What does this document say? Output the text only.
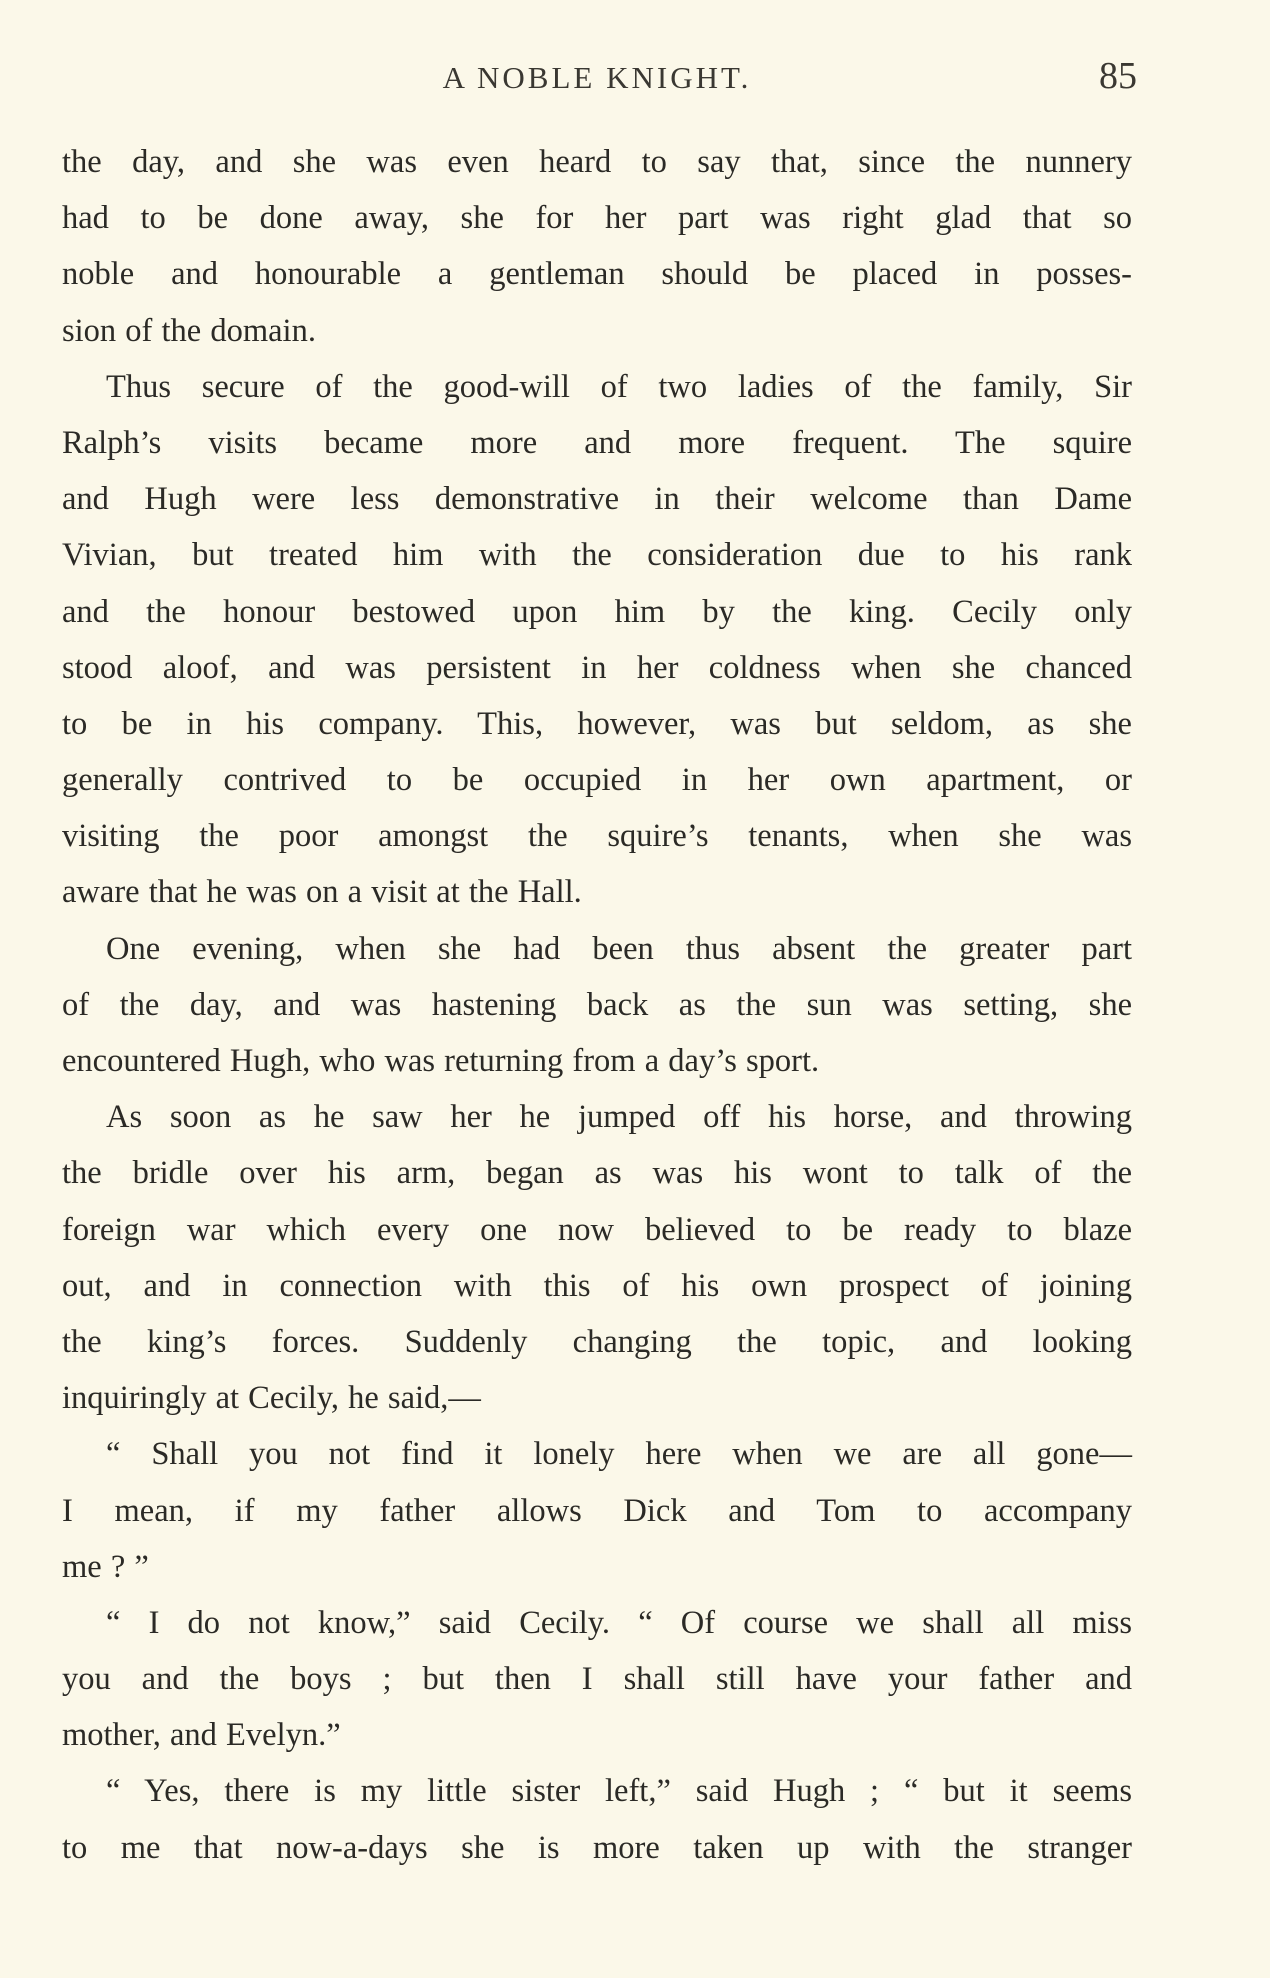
A NOBLE KNIGHT.	85
the day, and she was even heard to say that, since the nunnery
had to be done away, she for her part was right glad that so
noble and honourable a gentleman should be placed in posses-
sion of the domain.
Thus secure of the good-will of two ladies of the family, Sir
Ralph’s visits became more and more frequent. The squire
and Hugh were less demonstrative in their welcome than Dame
Vivian, but treated him with the consideration due to his rank
and the honour bestowed upon him by the king. Cecily only
stood aloof, and was persistent in her coldness when she chanced
to be in his company. This, however, was but seldom, as she
generally contrived to be occupied in her own apartment, or
visiting the poor amongst the squire’s tenants, when she was
aware that he was on a visit at the Hall.
One evening, when she had been thus absent the greater part
of the day, and was hastening back as the sun was setting, she
encountered Hugh, who was returning from a day’s sport.
As soon as he saw her he jumped off his horse, and throwing
the bridle over his arm, began as was his wont to talk of the
foreign war which every one now believed to be ready to blaze
out, and in connection with this of his own prospect of joining
the king’s forces. Suddenly changing the topic, and looking
inquiringly at Cecily, he said,—
“ Shall you not find it lonely here when we are all gone—
I mean, if my father allows Dick and Tom to accompany
me ? ”
“ I do not know,” said Cecily. “ Of course we shall all miss
you and the boys ; but then I shall still have your father and
mother, and Evelyn.”
“ Yes, there is my little sister left,” said Hugh ; “ but it seems
to me that now-a-days she is more taken up with the stranger
